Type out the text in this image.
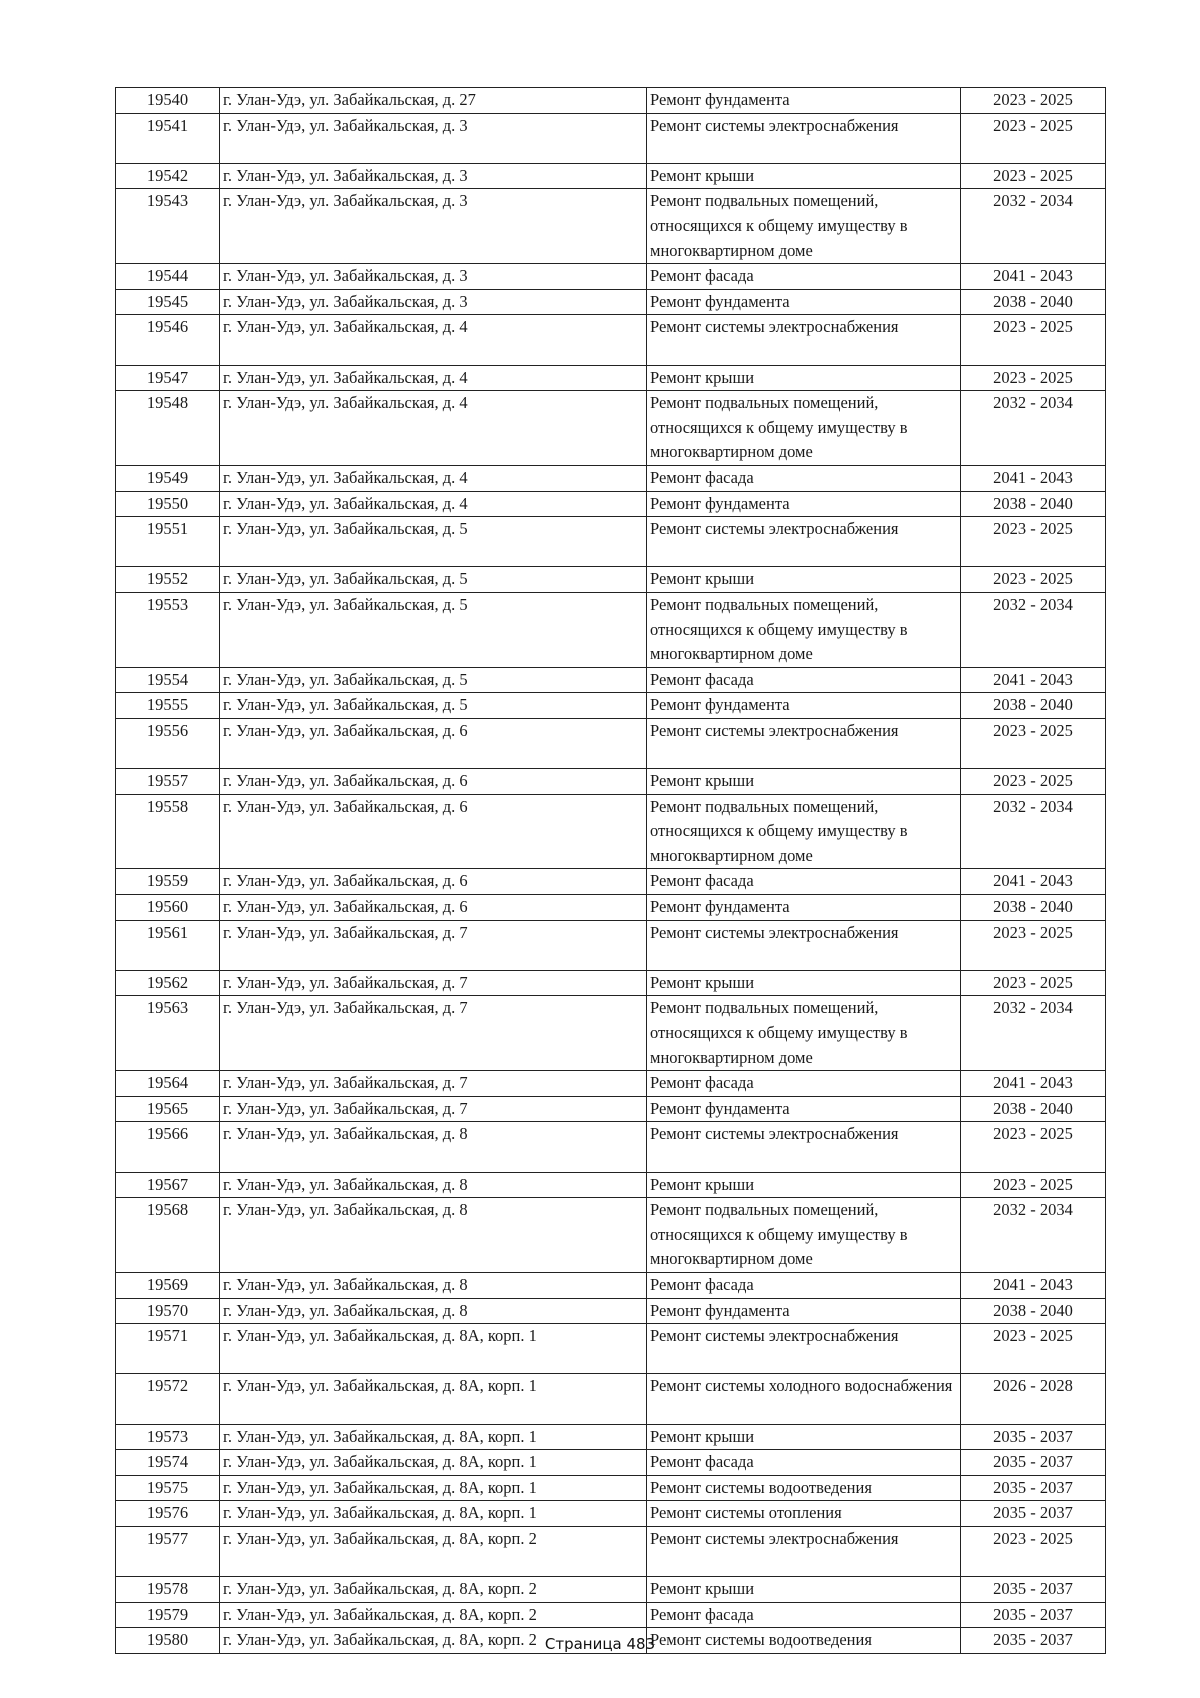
19540	г. Улан-Удэ, ул. Забайкальская, д. 27	Ремонт фундамента	2023 - 2025
19541	г. Улан-Удэ, ул. Забайкальская, д. 3	Ремонт системы электроснабжения	2023 - 2025
19542	г. Улан-Удэ, ул. Забайкальская, д. 3	Ремонт крыши	2023 - 2025
19543	г. Улан-Удэ, ул. Забайкальская, д. 3	Ремонт подвальных помещений, относящихся к общему имуществу в многоквартирном доме	2032 - 2034
19544	г. Улан-Удэ, ул. Забайкальская, д. 3	Ремонт фасада	2041 - 2043
19545	г. Улан-Удэ, ул. Забайкальская, д. 3	Ремонт фундамента	2038 - 2040
19546	г. Улан-Удэ, ул. Забайкальская, д. 4	Ремонт системы электроснабжения	2023 - 2025
19547	г. Улан-Удэ, ул. Забайкальская, д. 4	Ремонт крыши	2023 - 2025
19548	г. Улан-Удэ, ул. Забайкальская, д. 4	Ремонт подвальных помещений, относящихся к общему имуществу в многоквартирном доме	2032 - 2034
19549	г. Улан-Удэ, ул. Забайкальская, д. 4	Ремонт фасада	2041 - 2043
19550	г. Улан-Удэ, ул. Забайкальская, д. 4	Ремонт фундамента	2038 - 2040
19551	г. Улан-Удэ, ул. Забайкальская, д. 5	Ремонт системы электроснабжения	2023 - 2025
19552	г. Улан-Удэ, ул. Забайкальская, д. 5	Ремонт крыши	2023 - 2025
19553	г. Улан-Удэ, ул. Забайкальская, д. 5	Ремонт подвальных помещений, относящихся к общему имуществу в многоквартирном доме	2032 - 2034
19554	г. Улан-Удэ, ул. Забайкальская, д. 5	Ремонт фасада	2041 - 2043
19555	г. Улан-Удэ, ул. Забайкальская, д. 5	Ремонт фундамента	2038 - 2040
19556	г. Улан-Удэ, ул. Забайкальская, д. 6	Ремонт системы электроснабжения	2023 - 2025
19557	г. Улан-Удэ, ул. Забайкальская, д. 6	Ремонт крыши	2023 - 2025
19558	г. Улан-Удэ, ул. Забайкальская, д. 6	Ремонт подвальных помещений, относящихся к общему имуществу в многоквартирном доме	2032 - 2034
19559	г. Улан-Удэ, ул. Забайкальская, д. 6	Ремонт фасада	2041 - 2043
19560	г. Улан-Удэ, ул. Забайкальская, д. 6	Ремонт фундамента	2038 - 2040
19561	г. Улан-Удэ, ул. Забайкальская, д. 7	Ремонт системы электроснабжения	2023 - 2025
19562	г. Улан-Удэ, ул. Забайкальская, д. 7	Ремонт крыши	2023 - 2025
19563	г. Улан-Удэ, ул. Забайкальская, д. 7	Ремонт подвальных помещений, относящихся к общему имуществу в многоквартирном доме	2032 - 2034
19564	г. Улан-Удэ, ул. Забайкальская, д. 7	Ремонт фасада	2041 - 2043
19565	г. Улан-Удэ, ул. Забайкальская, д. 7	Ремонт фундамента	2038 - 2040
19566	г. Улан-Удэ, ул. Забайкальская, д. 8	Ремонт системы электроснабжения	2023 - 2025
19567	г. Улан-Удэ, ул. Забайкальская, д. 8	Ремонт крыши	2023 - 2025
19568	г. Улан-Удэ, ул. Забайкальская, д. 8	Ремонт подвальных помещений, относящихся к общему имуществу в многоквартирном доме	2032 - 2034
19569	г. Улан-Удэ, ул. Забайкальская, д. 8	Ремонт фасада	2041 - 2043
19570	г. Улан-Удэ, ул. Забайкальская, д. 8	Ремонт фундамента	2038 - 2040
19571	г. Улан-Удэ, ул. Забайкальская, д. 8А, корп. 1	Ремонт системы электроснабжения	2023 - 2025
19572	г. Улан-Удэ, ул. Забайкальская, д. 8А, корп. 1	Ремонт системы холодного водоснабжения	2026 - 2028
19573	г. Улан-Удэ, ул. Забайкальская, д. 8А, корп. 1	Ремонт крыши	2035 - 2037
19574	г. Улан-Удэ, ул. Забайкальская, д. 8А, корп. 1	Ремонт фасада	2035 - 2037
19575	г. Улан-Удэ, ул. Забайкальская, д. 8А, корп. 1	Ремонт системы водоотведения	2035 - 2037
19576	г. Улан-Удэ, ул. Забайкальская, д. 8А, корп. 1	Ремонт системы отопления	2035 - 2037
19577	г. Улан-Удэ, ул. Забайкальская, д. 8А, корп. 2	Ремонт системы электроснабжения	2023 - 2025
19578	г. Улан-Удэ, ул. Забайкальская, д. 8А, корп. 2	Ремонт крыши	2035 - 2037
19579	г. Улан-Удэ, ул. Забайкальская, д. 8А, корп. 2	Ремонт фасада	2035 - 2037
19580	г. Улан-Удэ, ул. Забайкальская, д. 8А, корп. 2	Ремонт системы водоотведения	2035 - 2037
Страница 483
